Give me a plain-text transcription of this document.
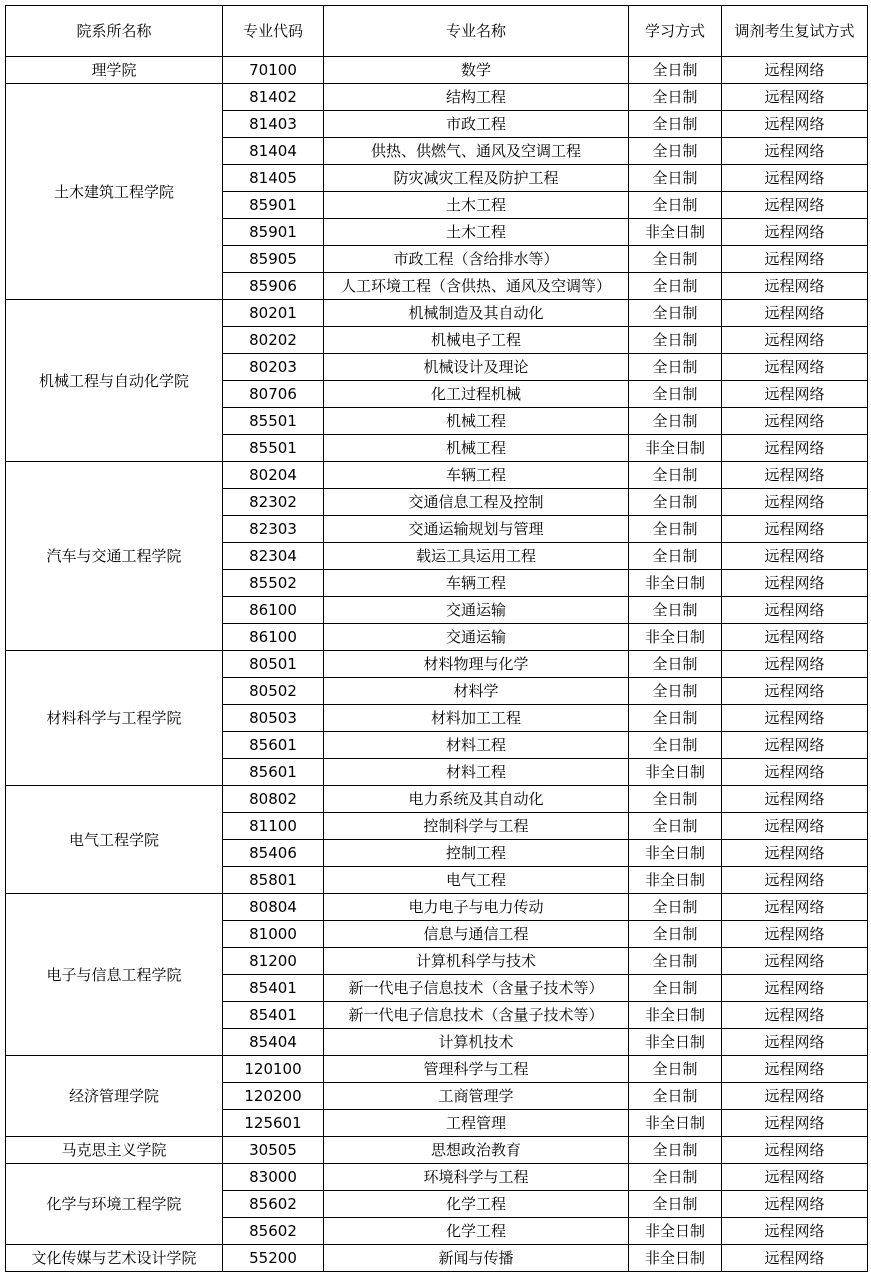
院系所名称	专业代码	专业名称	学习方式	调剂考生复试方式
理学院	70100	数学	全日制	远程网络
土木建筑工程学院	81402	结构工程	全日制	远程网络
	81403	市政工程	全日制	远程网络
	81404	供热、供燃气、通风及空调工程	全日制	远程网络
	81405	防灾减灾工程及防护工程	全日制	远程网络
	85901	土木工程	全日制	远程网络
	85901	土木工程	非全日制	远程网络
	85905	市政工程（含给排水等）	全日制	远程网络
	85906	人工环境工程（含供热、通风及空调等）	全日制	远程网络
机械工程与自动化学院	80201	机械制造及其自动化	全日制	远程网络
	80202	机械电子工程	全日制	远程网络
	80203	机械设计及理论	全日制	远程网络
	80706	化工过程机械	全日制	远程网络
	85501	机械工程	全日制	远程网络
	85501	机械工程	非全日制	远程网络
汽车与交通工程学院	80204	车辆工程	全日制	远程网络
	82302	交通信息工程及控制	全日制	远程网络
	82303	交通运输规划与管理	全日制	远程网络
	82304	载运工具运用工程	全日制	远程网络
	85502	车辆工程	非全日制	远程网络
	86100	交通运输	全日制	远程网络
	86100	交通运输	非全日制	远程网络
材料科学与工程学院	80501	材料物理与化学	全日制	远程网络
	80502	材料学	全日制	远程网络
	80503	材料加工工程	全日制	远程网络
	85601	材料工程	全日制	远程网络
	85601	材料工程	非全日制	远程网络
电气工程学院	80802	电力系统及其自动化	全日制	远程网络
	81100	控制科学与工程	全日制	远程网络
	85406	控制工程	非全日制	远程网络
	85801	电气工程	非全日制	远程网络
电子与信息工程学院	80804	电力电子与电力传动	全日制	远程网络
	81000	信息与通信工程	全日制	远程网络
	81200	计算机科学与技术	全日制	远程网络
	85401	新一代电子信息技术（含量子技术等）	全日制	远程网络
	85401	新一代电子信息技术（含量子技术等）	非全日制	远程网络
	85404	计算机技术	非全日制	远程网络
经济管理学院	120100	管理科学与工程	全日制	远程网络
	120200	工商管理学	全日制	远程网络
	125601	工程管理	非全日制	远程网络
马克思主义学院	30505	思想政治教育	全日制	远程网络
化学与环境工程学院	83000	环境科学与工程	全日制	远程网络
	85602	化学工程	全日制	远程网络
	85602	化学工程	非全日制	远程网络
文化传媒与艺术设计学院	55200	新闻与传播	非全日制	远程网络
